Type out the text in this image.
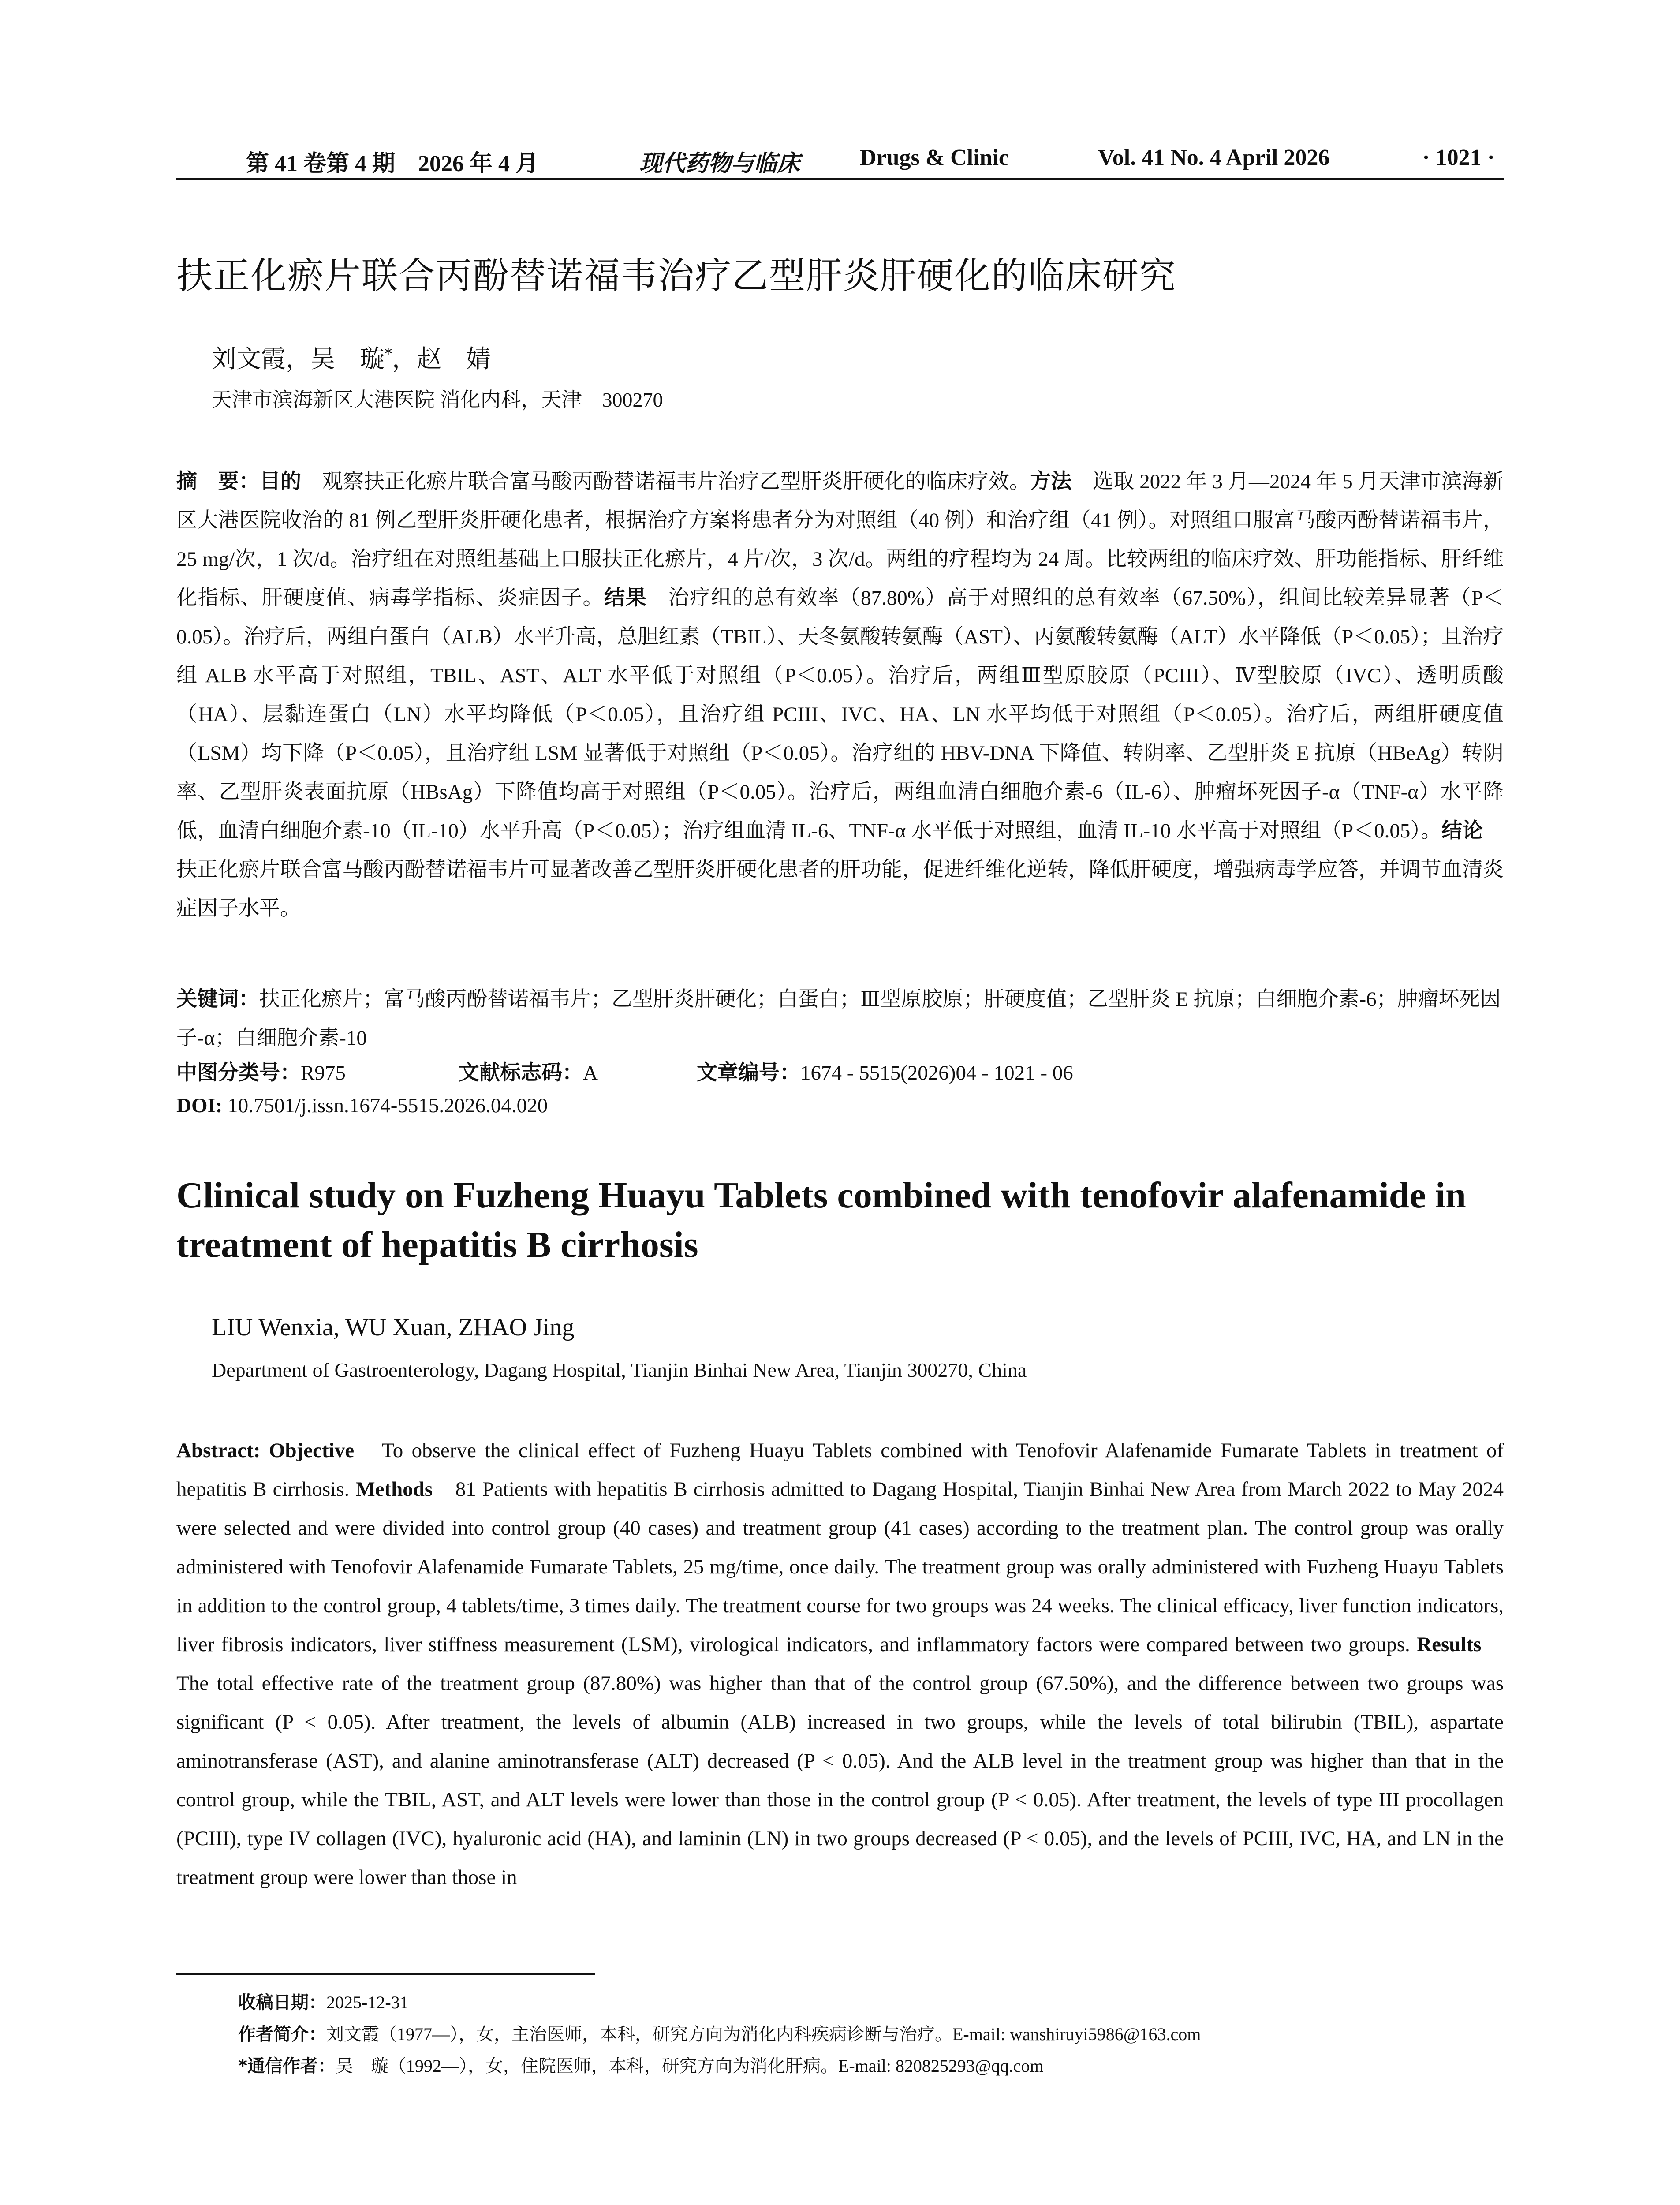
第 41 卷第 4 期　2026 年 4 月	现代药物与临床	Drugs & Clinic	Vol. 41 No. 4 April 2026	· 1021 ·
扶正化瘀片联合丙酚替诺福韦治疗乙型肝炎肝硬化的临床研究
刘文霞，吴　璇*，赵　婧
天津市滨海新区大港医院 消化内科，天津　300270
摘　要：目的　观察扶正化瘀片联合富马酸丙酚替诺福韦片治疗乙型肝炎肝硬化的临床疗效。方法　选取 2022 年 3 月—2024 年 5 月天津市滨海新区大港医院收治的 81 例乙型肝炎肝硬化患者，根据治疗方案将患者分为对照组（40 例）和治疗组（41 例）。对照组口服富马酸丙酚替诺福韦片，25 mg/次，1 次/d。治疗组在对照组基础上口服扶正化瘀片，4 片/次，3 次/d。两组的疗程均为 24 周。比较两组的临床疗效、肝功能指标、肝纤维化指标、肝硬度值、病毒学指标、炎症因子。结果　治疗组的总有效率（87.80%）高于对照组的总有效率（67.50%），组间比较差异显著（P＜0.05）。治疗后，两组白蛋白（ALB）水平升高，总胆红素（TBIL）、天冬氨酸转氨酶（AST）、丙氨酸转氨酶（ALT）水平降低（P＜0.05）；且治疗组 ALB 水平高于对照组，TBIL、AST、ALT 水平低于对照组（P＜0.05）。治疗后，两组Ⅲ型原胶原（PCIII）、Ⅳ型胶原（IVC）、透明质酸（HA）、层黏连蛋白（LN）水平均降低（P＜0.05），且治疗组 PCIII、IVC、HA、LN 水平均低于对照组（P＜0.05）。治疗后，两组肝硬度值（LSM）均下降（P＜0.05），且治疗组 LSM 显著低于对照组（P＜0.05）。治疗组的 HBV-DNA 下降值、转阴率、乙型肝炎 E 抗原（HBeAg）转阴率、乙型肝炎表面抗原（HBsAg）下降值均高于对照组（P＜0.05）。治疗后，两组血清白细胞介素-6（IL-6）、肿瘤坏死因子-α（TNF-α）水平降低，血清白细胞介素-10（IL-10）水平升高（P＜0.05）；治疗组血清 IL-6、TNF-α 水平低于对照组，血清 IL-10 水平高于对照组（P＜0.05）。结论　扶正化瘀片联合富马酸丙酚替诺福韦片可显著改善乙型肝炎肝硬化患者的肝功能，促进纤维化逆转，降低肝硬度，增强病毒学应答，并调节血清炎症因子水平。
关键词：扶正化瘀片；富马酸丙酚替诺福韦片；乙型肝炎肝硬化；白蛋白；Ⅲ型原胶原；肝硬度值；乙型肝炎 E 抗原；白细胞介素-6；肿瘤坏死因子-α；白细胞介素-10
中图分类号：R975	文献标志码：A	文章编号：1674 - 5515(2026)04 - 1021 - 06
DOI: 10.7501/j.issn.1674-5515.2026.04.020
Clinical study on Fuzheng Huayu Tablets combined with tenofovir alafenamide in treatment of hepatitis B cirrhosis
LIU Wenxia, WU Xuan, ZHAO Jing
Department of Gastroenterology, Dagang Hospital, Tianjin Binhai New Area, Tianjin 300270, China
Abstract: Objective　To observe the clinical effect of Fuzheng Huayu Tablets combined with Tenofovir Alafenamide Fumarate Tablets in treatment of hepatitis B cirrhosis. Methods　81 Patients with hepatitis B cirrhosis admitted to Dagang Hospital, Tianjin Binhai New Area from March 2022 to May 2024 were selected and were divided into control group (40 cases) and treatment group (41 cases) according to the treatment plan. The control group was orally administered with Tenofovir Alafenamide Fumarate Tablets, 25 mg/time, once daily. The treatment group was orally administered with Fuzheng Huayu Tablets in addition to the control group, 4 tablets/time, 3 times daily. The treatment course for two groups was 24 weeks. The clinical efficacy, liver function indicators, liver fibrosis indicators, liver stiffness measurement (LSM), virological indicators, and inflammatory factors were compared between two groups. Results　The total effective rate of the treatment group (87.80%) was higher than that of the control group (67.50%), and the difference between two groups was significant (P < 0.05). After treatment, the levels of albumin (ALB) increased in two groups, while the levels of total bilirubin (TBIL), aspartate aminotransferase (AST), and alanine aminotransferase (ALT) decreased (P < 0.05). And the ALB level in the treatment group was higher than that in the control group, while the TBIL, AST, and ALT levels were lower than those in the control group (P < 0.05). After treatment, the levels of type III procollagen (PCIII), type IV collagen (IVC), hyaluronic acid (HA), and laminin (LN) in two groups decreased (P < 0.05), and the levels of PCIII, IVC, HA, and LN in the treatment group were lower than those in
收稿日期：2025-12-31
作者简介：刘文霞（1977—），女，主治医师，本科，研究方向为消化内科疾病诊断与治疗。E-mail: wanshiruyi5986@163.com
*通信作者：吴　璇（1992—），女，住院医师，本科，研究方向为消化肝病。E-mail: 820825293@qq.com
